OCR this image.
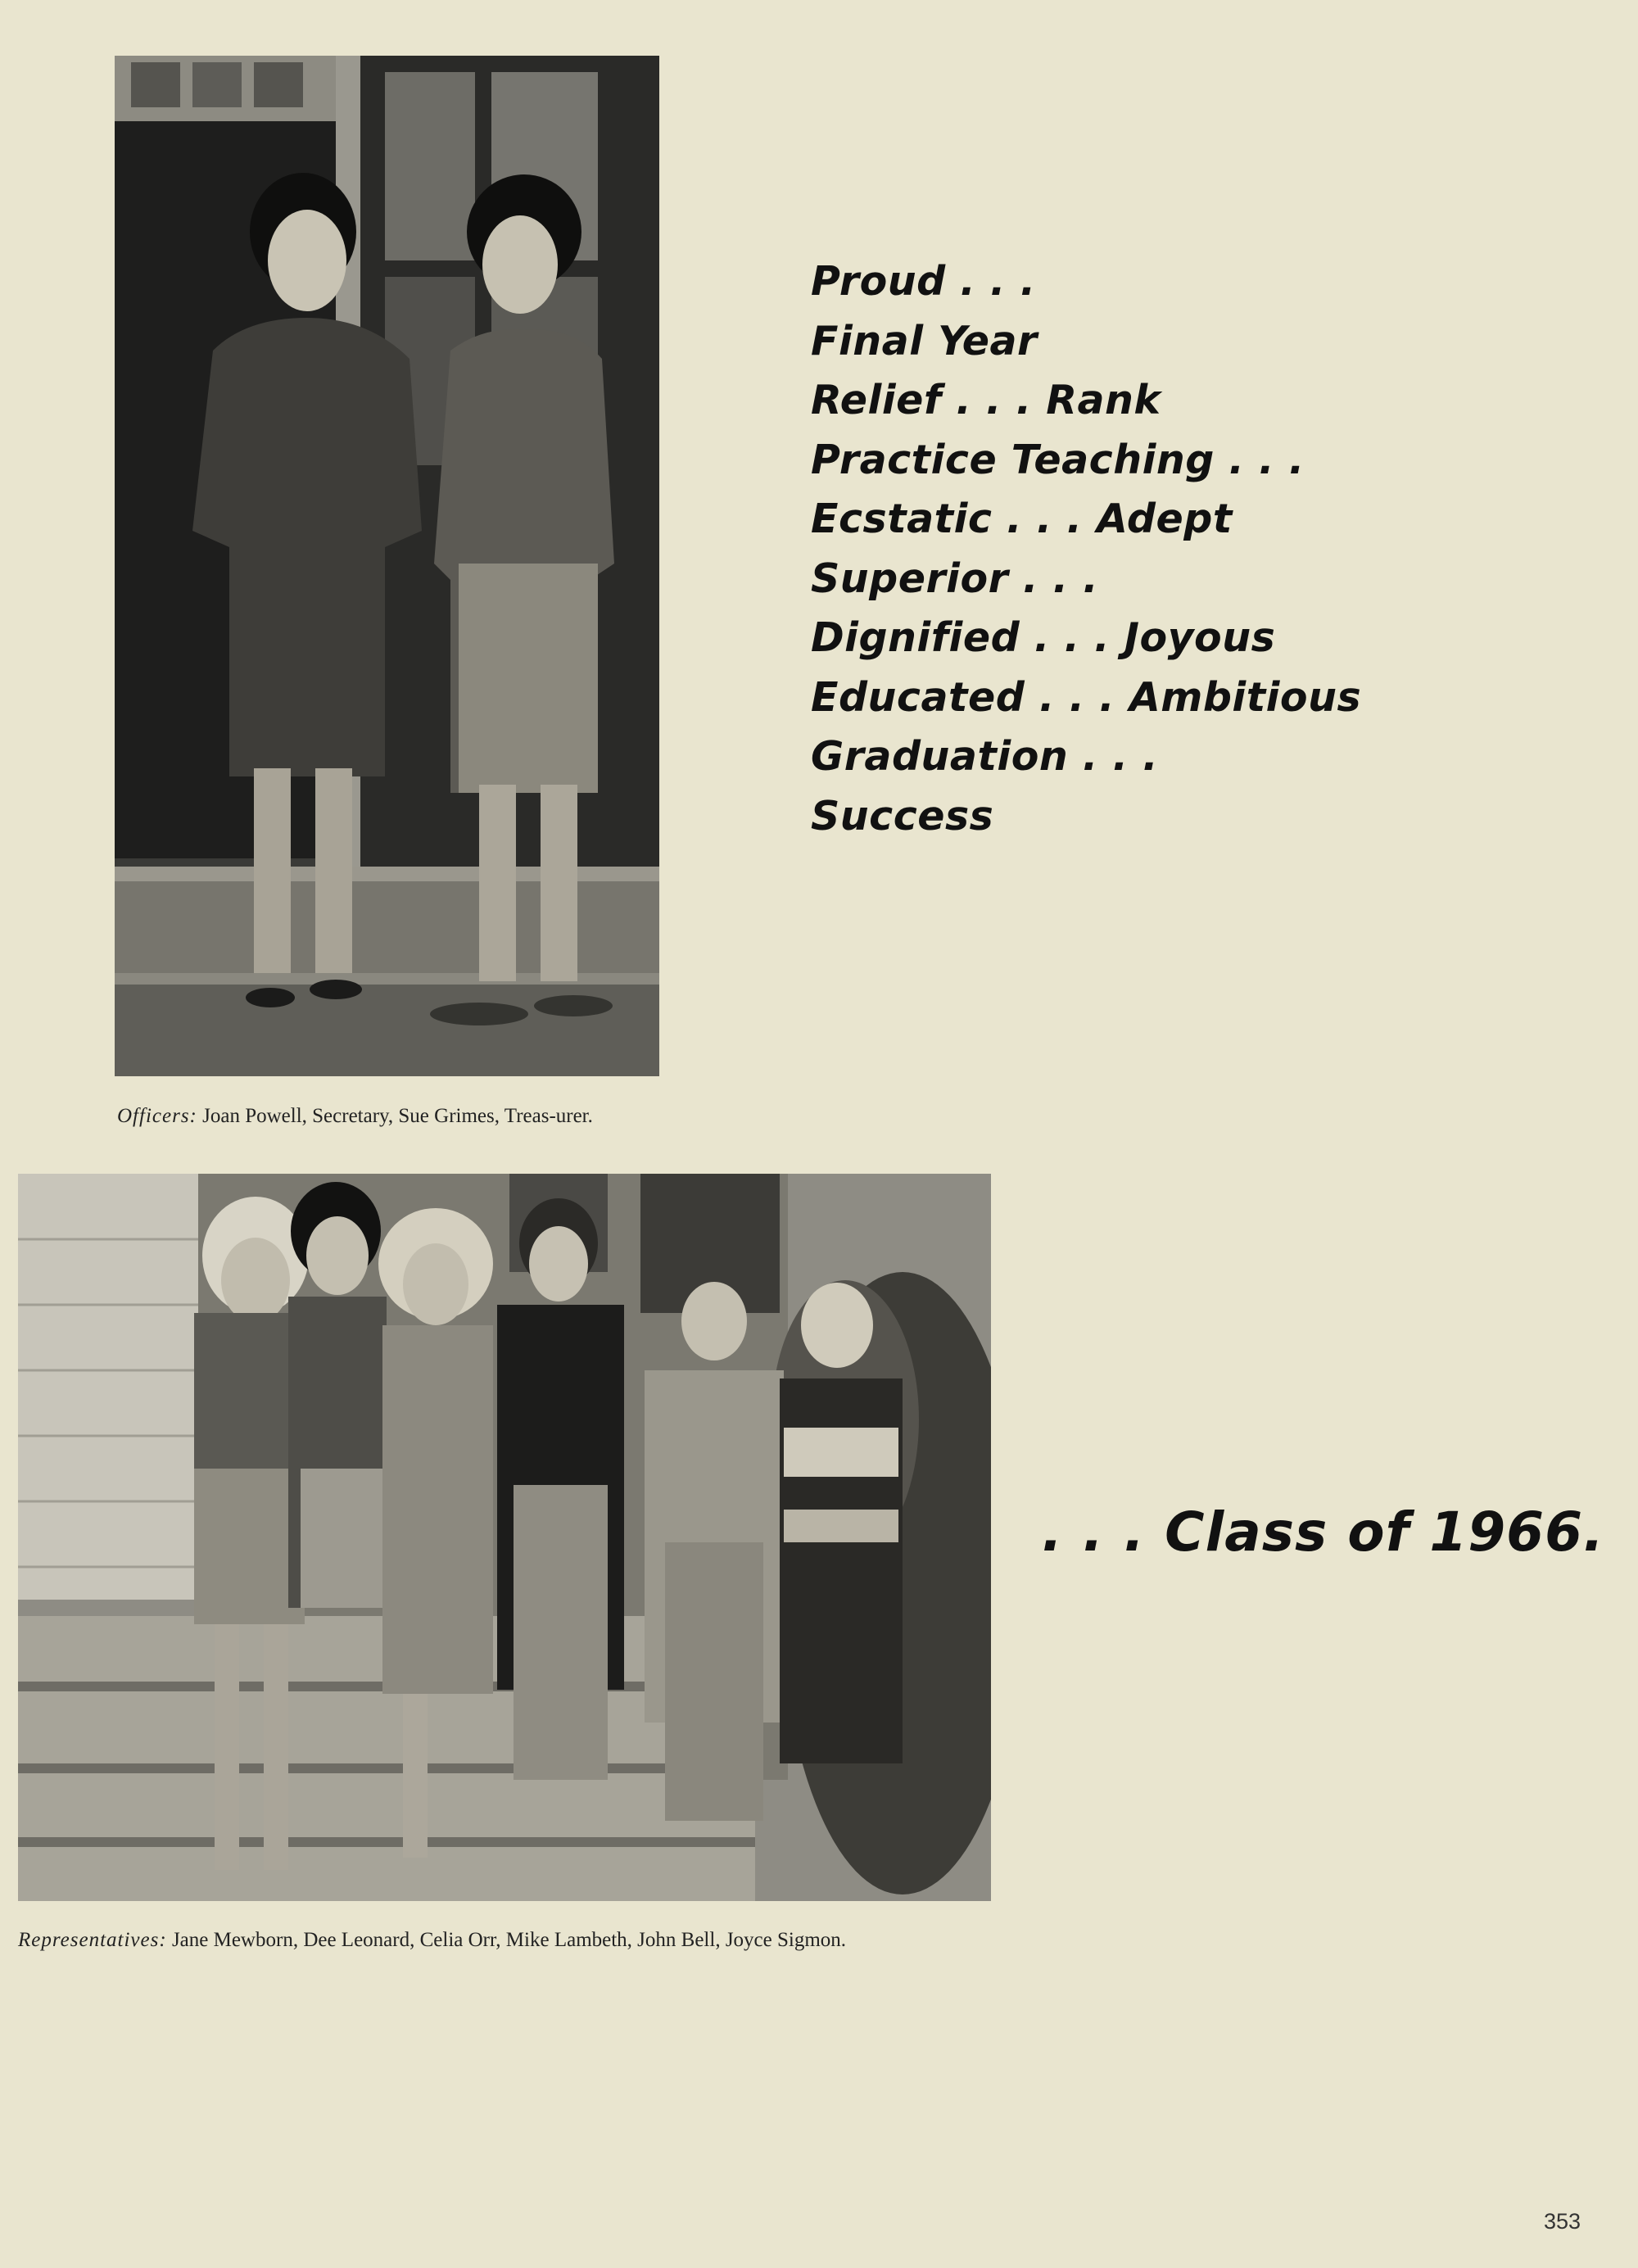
Officers: Joan Powell, Secretary, Sue Grimes, Treas-urer.
Proud . . .
Final Year
Relief . . . Rank
Practice Teaching . . .
Ecstatic . . . Adept
Superior . . .
Dignified . . . Joyous
Educated . . . Ambitious
Graduation . . .
Success
Representatives: Jane Mewborn, Dee Leonard, Celia Orr, Mike Lambeth, John Bell, Joyce Sigmon.
. . . Class of 1966.
353
